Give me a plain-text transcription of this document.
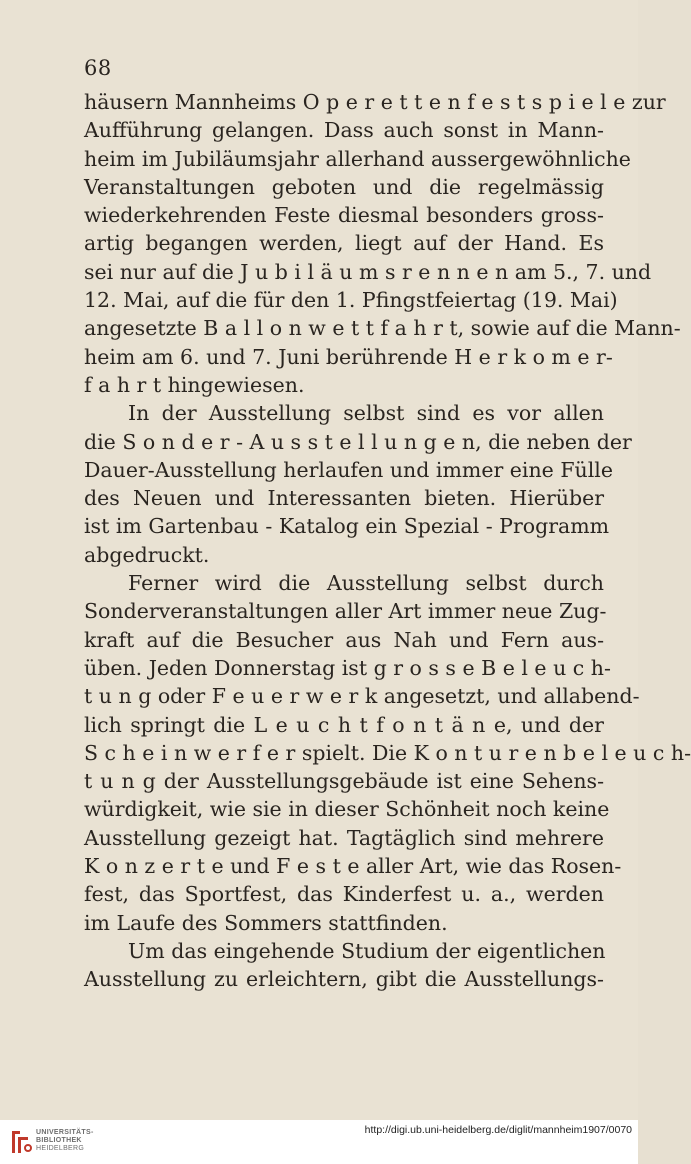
68
häusern Mannheims O p e r e t t e n f e s t s p i e l e zur
Aufführung gelangen. Dass auch sonst in Mann-
heim im Jubiläumsjahr allerhand aussergewöhnliche
Veranstaltungen geboten und die regelmässig
wiederkehrenden Feste diesmal besonders gross-
artig begangen werden, liegt auf der Hand. Es
sei nur auf die J u b i l ä u m s r e n n e n am 5., 7. und
12. Mai, auf die für den 1. Pfingstfeiertag (19. Mai)
angesetzte B a l l o n w e t t f a h r t, sowie auf die Mann-
heim am 6. und 7. Juni berührende H e r k o m e r-
f a h r t hingewiesen.
In der Ausstellung selbst sind es vor allen
die S o n d e r - A u s s t e l l u n g e n, die neben der
Dauer-Ausstellung herlaufen und immer eine Fülle
des Neuen und Interessanten bieten. Hierüber
ist im Gartenbau - Katalog ein Spezial - Programm
abgedruckt.
Ferner wird die Ausstellung selbst durch
Sonderveranstaltungen aller Art immer neue Zug-
kraft auf die Besucher aus Nah und Fern aus-
üben. Jeden Donnerstag ist g r o s s e B e l e u c h-
t u n g oder F e u e r w e r k angesetzt, und allabend-
lich springt die L e u c h t f o n t ä n e, und der
S c h e i n w e r f e r spielt. Die K o n t u r e n b e l e u c h-
t u n g der Ausstellungsgebäude ist eine Sehens-
würdigkeit, wie sie in dieser Schönheit noch keine
Ausstellung gezeigt hat. Tagtäglich sind mehrere
K o n z e r t e und F e s t e aller Art, wie das Rosen-
fest, das Sportfest, das Kinderfest u. a., werden
im Laufe des Sommers stattfinden.
Um das eingehende Studium der eigentlichen
Ausstellung zu erleichtern, gibt die Ausstellungs-
UNIVERSITÄTS-
BIBLIOTHEK
HEIDELBERG
http://digi.ub.uni-heidelberg.de/diglit/mannheim1907/0070
